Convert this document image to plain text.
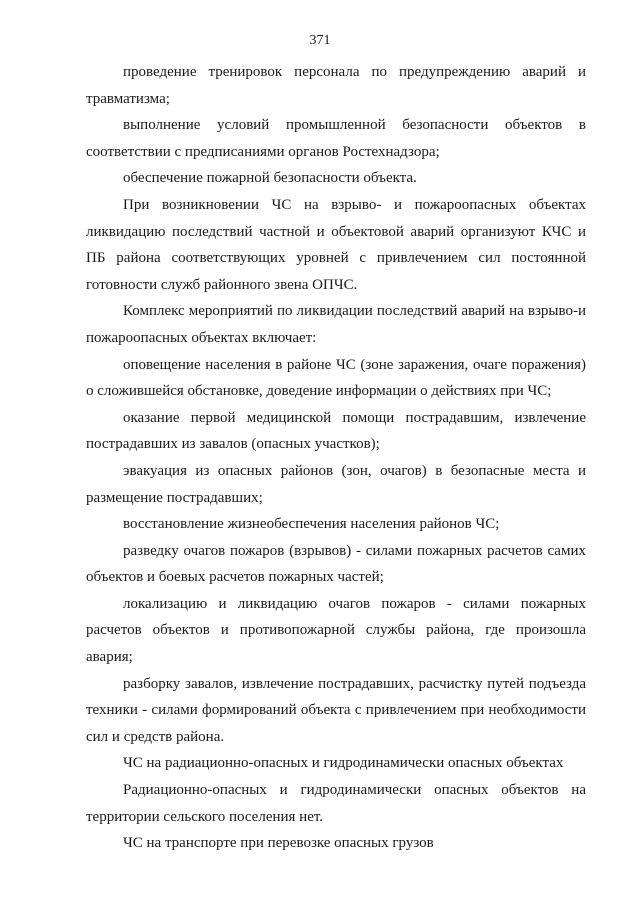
371

проведение тренировок персонала по предупреждению аварий и травматизма;

выполнение условий промышленной безопасности объектов в соответствии с предписаниями органов Ростехнадзора;

обеспечение пожарной безопасности объекта.

При возникновении ЧС на взрыво- и пожароопасных объектах ликвидацию последствий частной и объектовой аварий организуют КЧС и ПБ района соответствующих уровней с привлечением сил постоянной готовности служб районного звена ОПЧС.

Комплекс мероприятий по ликвидации последствий аварий на взрыво-и пожароопасных объектах включает:

оповещение населения в районе ЧС (зоне заражения, очаге поражения) о сложившейся обстановке, доведение информации о действиях при ЧС;

оказание первой медицинской помощи пострадавшим, извлечение пострадавших из завалов (опасных участков);

эвакуация из опасных районов (зон, очагов) в безопасные места и размещение пострадавших;

восстановление жизнеобеспечения населения районов ЧС;

разведку очагов пожаров (взрывов) - силами пожарных расчетов самих объектов и боевых расчетов пожарных частей;

локализацию и ликвидацию очагов пожаров - силами пожарных расчетов объектов и противопожарной службы района, где произошла авария;

разборку завалов, извлечение пострадавших, расчистку путей подъезда техники - силами формирований объекта с привлечением при необходимости сил и средств района.

ЧС на радиационно-опасных и гидродинамически опасных объектах

Радиационно-опасных и гидродинамически опасных объектов на территории сельского поселения нет.

ЧС на транспорте при перевозке опасных грузов
